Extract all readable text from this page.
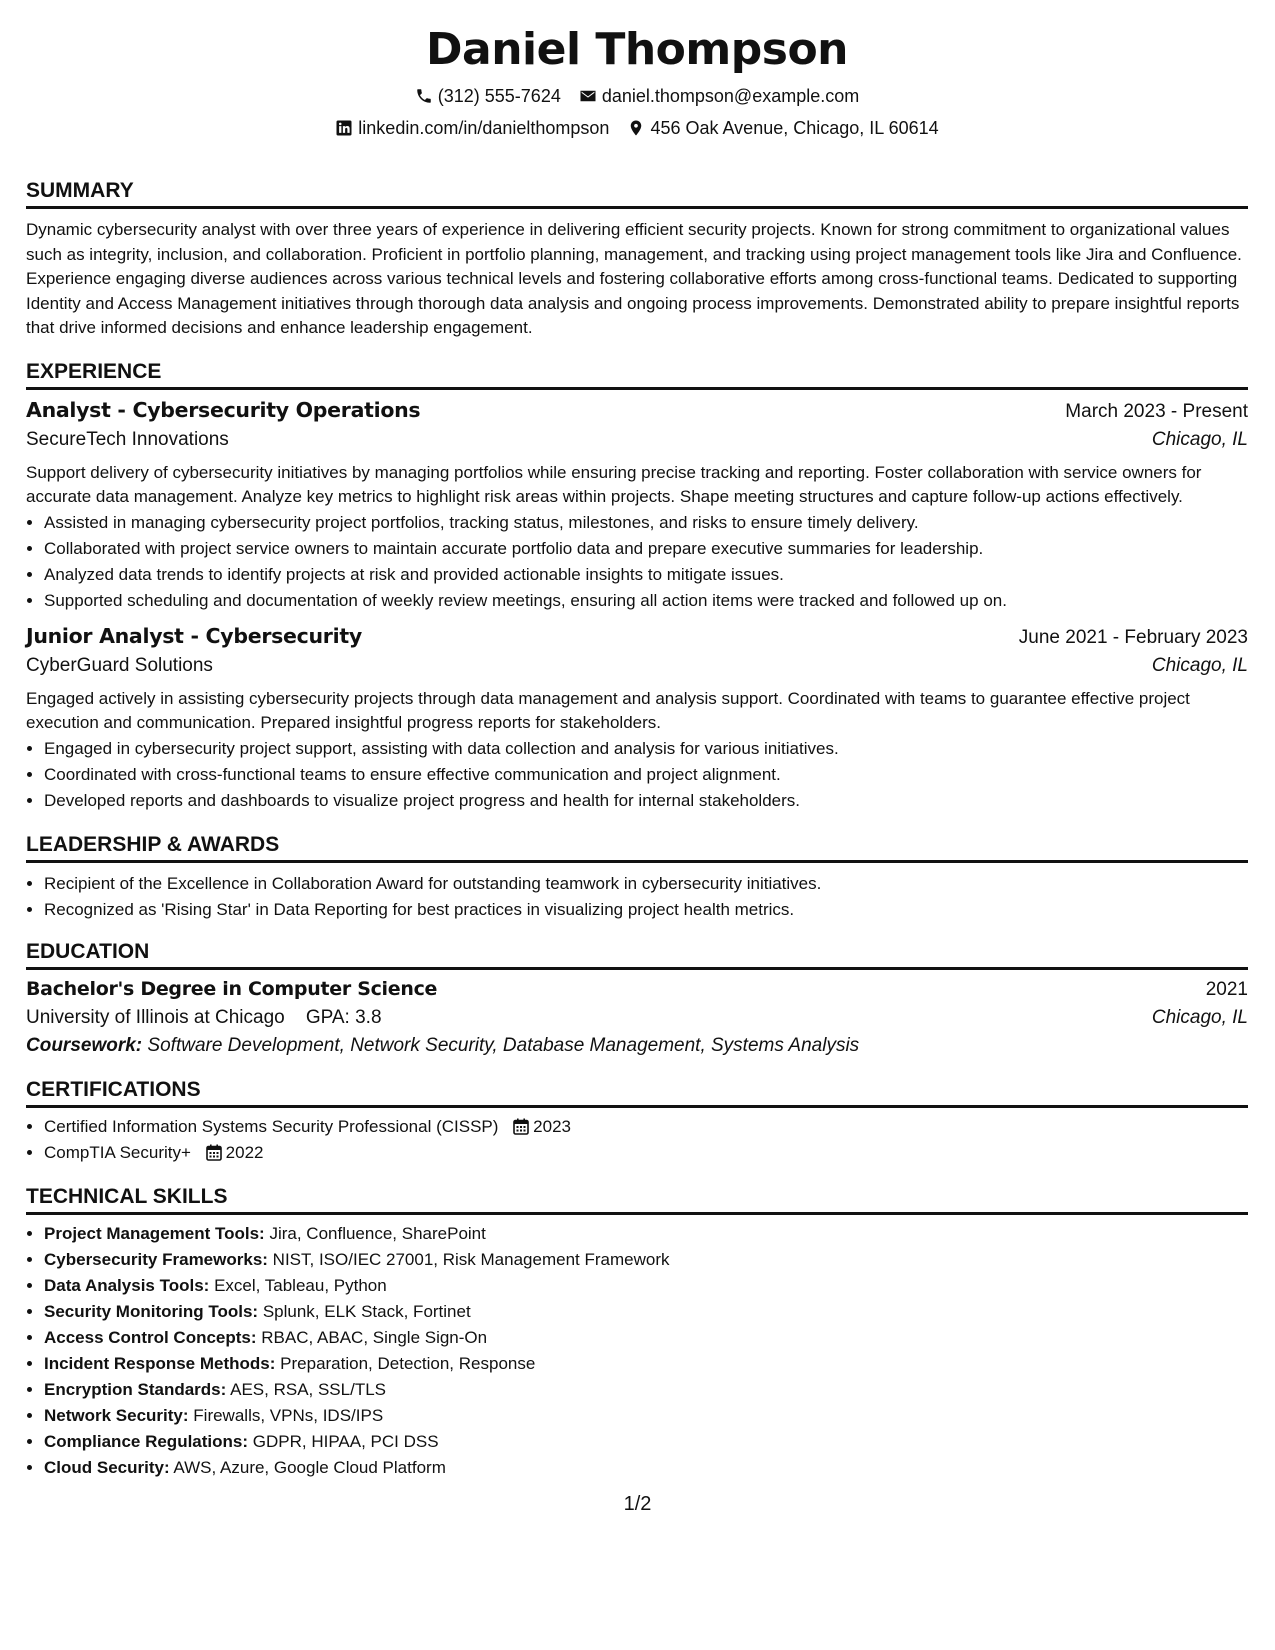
Daniel Thompson
(312) 555-7624 daniel.thompson@example.com
linkedin.com/in/danielthompson 456 Oak Avenue, Chicago, IL 60614
SUMMARY
Dynamic cybersecurity analyst with over three years of experience in delivering efficient security projects. Known for strong commitment to organizational values such as integrity, inclusion, and collaboration. Proficient in portfolio planning, management, and tracking using project management tools like Jira and Confluence. Experience engaging diverse audiences across various technical levels and fostering collaborative efforts among cross-functional teams. Dedicated to supporting Identity and Access Management initiatives through thorough data analysis and ongoing process improvements. Demonstrated ability to prepare insightful reports that drive informed decisions and enhance leadership engagement.
EXPERIENCE
Analyst - Cybersecurity Operations	March 2023 - Present
SecureTech Innovations	Chicago, IL
Support delivery of cybersecurity initiatives by managing portfolios while ensuring precise tracking and reporting. Foster collaboration with service owners for accurate data management. Analyze key metrics to highlight risk areas within projects. Shape meeting structures and capture follow-up actions effectively.
• Assisted in managing cybersecurity project portfolios, tracking status, milestones, and risks to ensure timely delivery.
• Collaborated with project service owners to maintain accurate portfolio data and prepare executive summaries for leadership.
• Analyzed data trends to identify projects at risk and provided actionable insights to mitigate issues.
• Supported scheduling and documentation of weekly review meetings, ensuring all action items were tracked and followed up on.
Junior Analyst - Cybersecurity	June 2021 - February 2023
CyberGuard Solutions	Chicago, IL
Engaged actively in assisting cybersecurity projects through data management and analysis support. Coordinated with teams to guarantee effective project execution and communication. Prepared insightful progress reports for stakeholders.
• Engaged in cybersecurity project support, assisting with data collection and analysis for various initiatives.
• Coordinated with cross-functional teams to ensure effective communication and project alignment.
• Developed reports and dashboards to visualize project progress and health for internal stakeholders.
LEADERSHIP & AWARDS
• Recipient of the Excellence in Collaboration Award for outstanding teamwork in cybersecurity initiatives.
• Recognized as 'Rising Star' in Data Reporting for best practices in visualizing project health metrics.
EDUCATION
Bachelor's Degree in Computer Science	2021
University of Illinois at Chicago GPA: 3.8	Chicago, IL
Coursework: Software Development, Network Security, Database Management, Systems Analysis
CERTIFICATIONS
• Certified Information Systems Security Professional (CISSP) 2023
• CompTIA Security+ 2022
TECHNICAL SKILLS
• Project Management Tools: Jira, Confluence, SharePoint
• Cybersecurity Frameworks: NIST, ISO/IEC 27001, Risk Management Framework
• Data Analysis Tools: Excel, Tableau, Python
• Security Monitoring Tools: Splunk, ELK Stack, Fortinet
• Access Control Concepts: RBAC, ABAC, Single Sign-On
• Incident Response Methods: Preparation, Detection, Response
• Encryption Standards: AES, RSA, SSL/TLS
• Network Security: Firewalls, VPNs, IDS/IPS
• Compliance Regulations: GDPR, HIPAA, PCI DSS
• Cloud Security: AWS, Azure, Google Cloud Platform
1/2
